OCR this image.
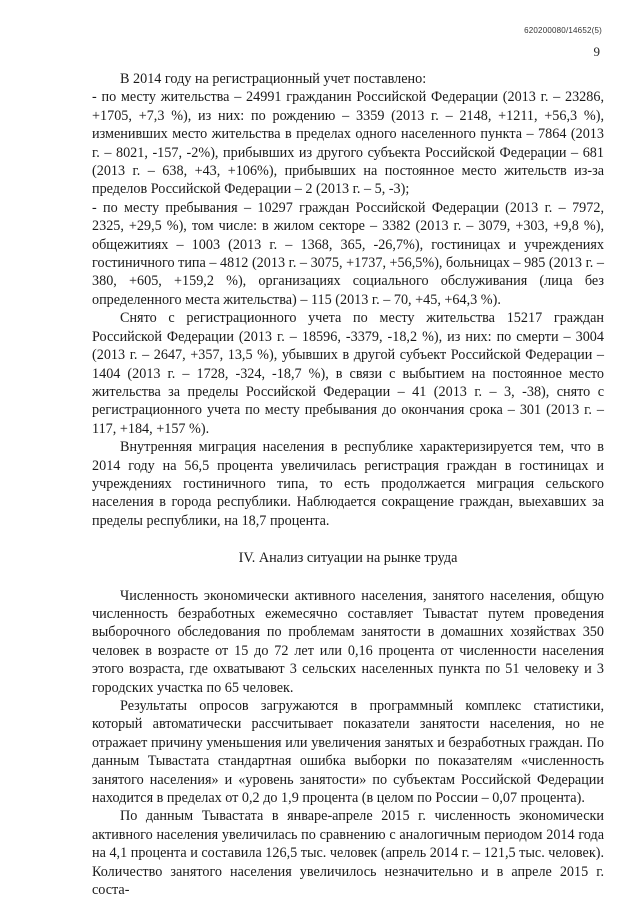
620200080/14652(5)
9

В 2014 году на регистрационный учет поставлено:

- по месту жительства – 24991 гражданин Российской Федерации (2013 г. – 23286, +1705, +7,3 %), из них: по рождению – 3359 (2013 г. – 2148, +1211, +56,3 %), изменивших место жительства в пределах одного населенного пункта – 7864 (2013 г. – 8021, -157, -2%), прибывших из другого субъекта Российской Федерации – 681 (2013 г. – 638, +43, +106%), прибывших на постоянное место жительств из-за пределов Российской Федерации – 2 (2013 г. – 5, -3);

- по месту пребывания – 10297 граждан Российской Федерации (2013 г. – 7972, 2325, +29,5 %), том числе: в жилом секторе – 3382 (2013 г. – 3079, +303, +9,8 %), общежитиях – 1003 (2013 г. – 1368, 365, -26,7%), гостиницах и учреждениях гостиничного типа – 4812 (2013 г. – 3075, +1737, +56,5%), больницах – 985 (2013 г. – 380, +605, +159,2 %), организациях социального обслуживания (лица без определенного места жительства) – 115 (2013 г. – 70, +45, +64,3 %).

Снято с регистрационного учета по месту жительства 15217 граждан Российской Федерации (2013 г. – 18596, -3379, -18,2 %), из них: по смерти – 3004 (2013 г. – 2647, +357, 13,5 %), убывших в другой субъект Российской Федерации – 1404 (2013 г. – 1728, -324, -18,7 %), в связи с выбытием на постоянное место жительства за пределы Российской Федерации – 41 (2013 г. – 3, -38), снято с регистрационного учета по месту пребывания до окончания срока – 301 (2013 г. – 117, +184, +157 %).

Внутренняя миграция населения в республике характеризируется тем, что в 2014 году на 56,5 процента увеличилась регистрация граждан в гостиницах и учреждениях гостиничного типа, то есть продолжается миграция сельского населения в города республики. Наблюдается сокращение граждан, выехавших за пределы республики, на 18,7 процента.

IV. Анализ ситуации на рынке труда

Численность экономически активного населения, занятого населения, общую численность безработных ежемесячно составляет Тывастат путем проведения выборочного обследования по проблемам занятости в домашних хозяйствах 350 человек в возрасте от 15 до 72 лет или 0,16 процента от численности населения этого возраста, где охватывают 3 сельских населенных пункта по 51 человеку и 3 городских участка по 65 человек.

Результаты опросов загружаются в программный комплекс статистики, который автоматически рассчитывает показатели занятости населения, но не отражает причину уменьшения или увеличения занятых и безработных граждан. По данным Тывастата стандартная ошибка выборки по показателям «численность занятого населения» и «уровень занятости» по субъектам Российской Федерации находится в пределах от 0,2 до 1,9 процента (в целом по России – 0,07 процента).

По данным Тывастата в январе-апреле 2015 г. численность экономически активного населения увеличилась по сравнению с аналогичным периодом 2014 года на 4,1 процента и составила 126,5 тыс. человек (апрель 2014 г. – 121,5 тыс. человек). Количество занятого населения увеличилось незначительно и в апреле 2015 г. соста-
